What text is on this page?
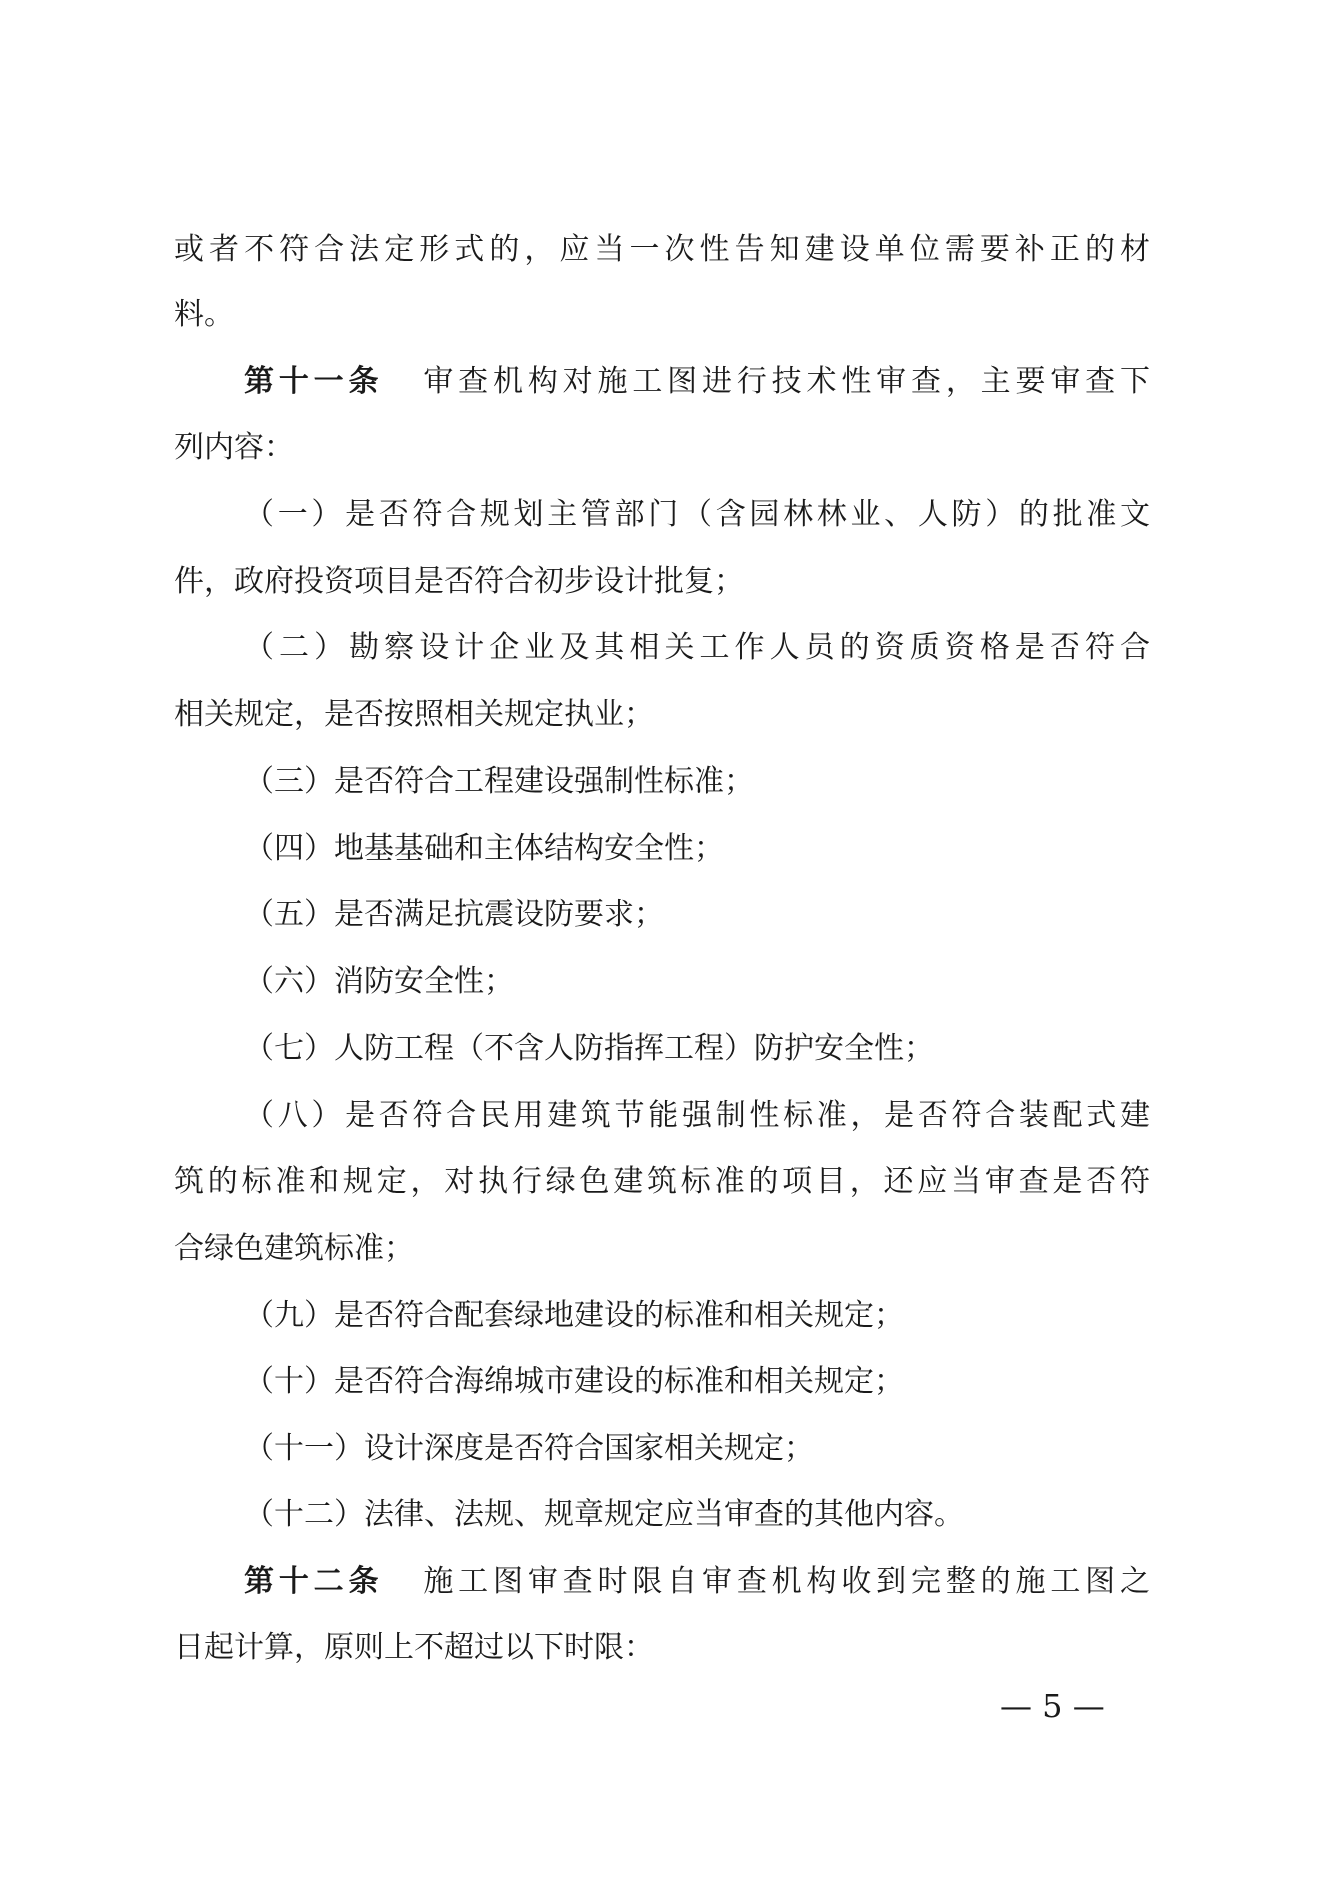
或者不符合法定形式的，应当一次性告知建设单位需要补正的材
料。
第十一条 审查机构对施工图进行技术性审查，主要审查下
列内容：
（一）是否符合规划主管部门（含园林林业、人防）的批准文
件，政府投资项目是否符合初步设计批复；
（二）勘察设计企业及其相关工作人员的资质资格是否符合
相关规定，是否按照相关规定执业；
（三）是否符合工程建设强制性标准；
（四）地基基础和主体结构安全性；
（五）是否满足抗震设防要求；
（六）消防安全性；
（七）人防工程（不含人防指挥工程）防护安全性；
（八）是否符合民用建筑节能强制性标准，是否符合装配式建
筑的标准和规定，对执行绿色建筑标准的项目，还应当审查是否符
合绿色建筑标准；
（九）是否符合配套绿地建设的标准和相关规定；
（十）是否符合海绵城市建设的标准和相关规定；
（十一）设计深度是否符合国家相关规定；
（十二）法律、法规、规章规定应当审查的其他内容。
第十二条 施工图审查时限自审查机构收到完整的施工图之
日起计算，原则上不超过以下时限：
— 5 —
